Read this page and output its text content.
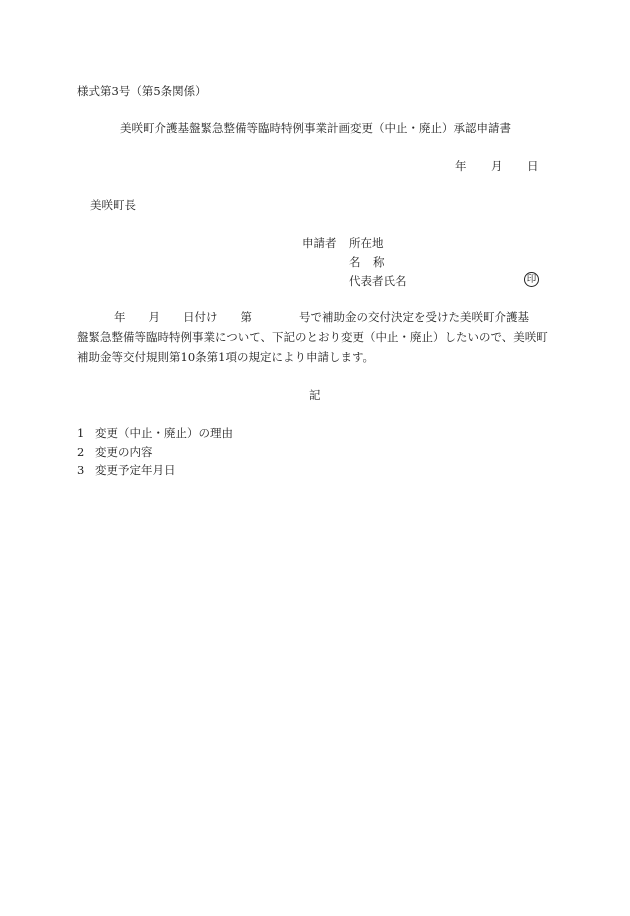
様式第3号（第5条関係）
美咲町介護基盤緊急整備等臨時特例事業計画変更（中止・廃止）承認申請書
年 月 日
美咲町長
申請者 所在地
名 称
代表者氏名	印
年 月 日付け 第	号で補助金の交付決定を受けた美咲町介護基
盤緊急整備等臨時特例事業について、下記のとおり変更（中止・廃止）したいので、美咲町
補助金等交付規則第10条第1項の規定により申請します。
記
1 変更（中止・廃止）の理由
2 変更の内容
3 変更予定年月日
